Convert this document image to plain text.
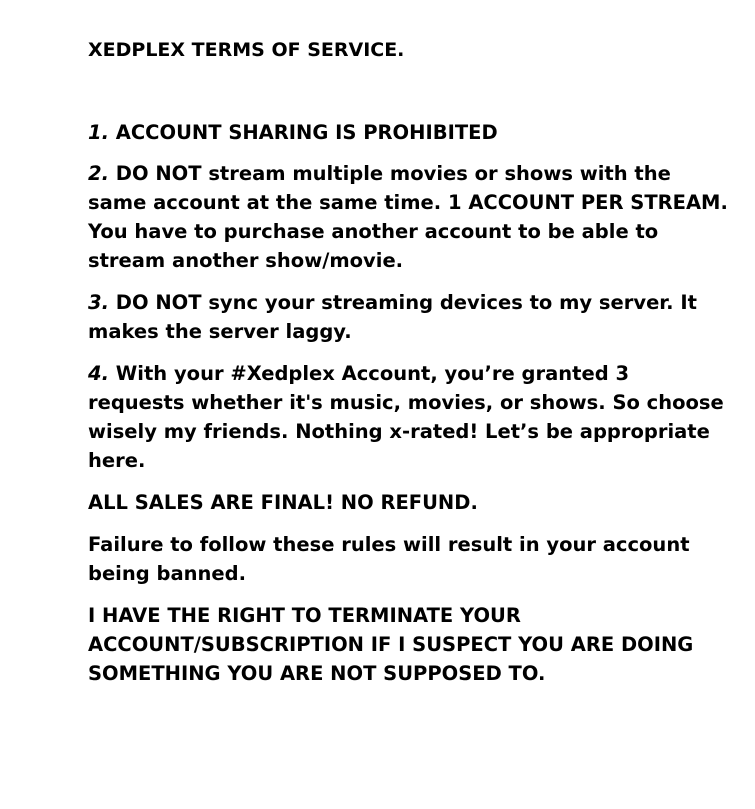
XEDPLEX TERMS OF SERVICE.

1. ACCOUNT SHARING IS PROHIBITED

2. DO NOT stream multiple movies or shows with the same account at the same time. 1 ACCOUNT PER STREAM. You have to purchase another account to be able to stream another show/movie.

3. DO NOT sync your streaming devices to my server. It makes the server laggy.

4. With your #Xedplex Account, you’re granted 3 requests whether it's music, movies, or shows. So choose wisely my friends. Nothing x-rated! Let’s be appropriate here.

ALL SALES ARE FINAL! NO REFUND.

Failure to follow these rules will result in your account being banned.

I HAVE THE RIGHT TO TERMINATE YOUR ACCOUNT/SUBSCRIPTION IF I SUSPECT YOU ARE DOING SOMETHING YOU ARE NOT SUPPOSED TO.
